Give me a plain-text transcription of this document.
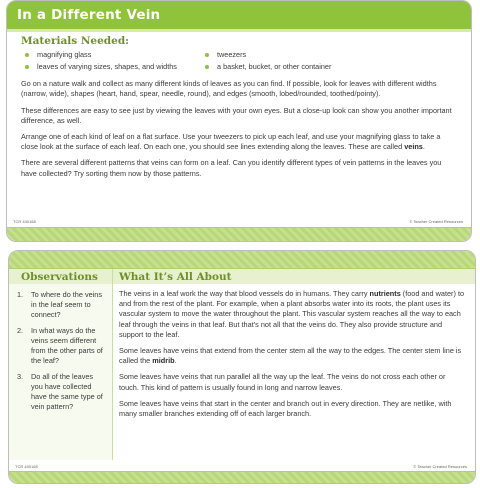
In a Different Vein
Materials Needed:
magnifying glass
leaves of varying sizes, shapes, and widths
tweezers
a basket, bucket, or other container

Go on a nature walk and collect as many different kinds of leaves as you can find. If possible, look for leaves with different widths (narrow, wide), shapes (heart, hand, spear, needle, round), and edges (smooth, lobed/rounded, toothed/pointy).

These differences are easy to see just by viewing the leaves with your own eyes. But a close-up look can show you another important difference, as well.

Arrange one of each kind of leaf on a flat surface. Use your tweezers to pick up each leaf, and use your magnifying glass to take a close look at the surface of each leaf. On each one, you should see lines extending along the leaves. These are called veins.

There are several different patterns that veins can form on a leaf. Can you identify different types of vein patterns in the leaves you have collected? Try sorting them now by those patterns.

TCR 430168	© Teacher Created Resources
Observations
1.	To where do the veins in the leaf seem to connect?
2.	In what ways do the veins seem different from the other parts of the leaf?
3.	Do all of the leaves you have collected have the same type of vein pattern?
What It’s All About

The veins in a leaf work the way that blood vessels do in humans. They carry nutrients (food and water) to and from the rest of the plant. For example, when a plant absorbs water into its roots, the plant uses its vascular system to move the water throughout the plant. This vascular system reaches all the way to each leaf through the veins in that leaf. But that’s not all that the veins do. They also provide structure and support to the leaf.

Some leaves have veins that extend from the center stem all the way to the edges. The center stem line is called the midrib.

Some leaves have veins that run parallel all the way up the leaf. The veins do not cross each other or touch. This kind of pattern is usually found in long and narrow leaves.

Some leaves have veins that start in the center and branch out in every direction. They are netlike, with many smaller branches extending off of each larger branch.

TCR 430168	© Teacher Created Resources
